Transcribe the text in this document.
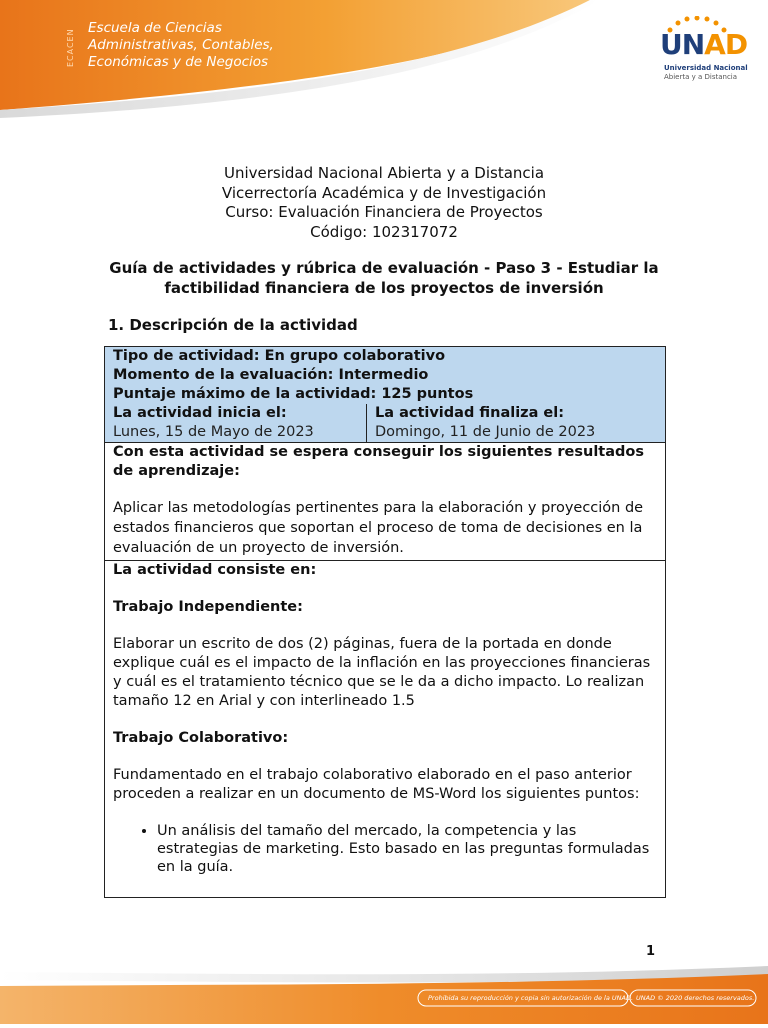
ECACEN
Escuela de Ciencias
Administrativas, Contables,
Económicas y de Negocios
UNAD
Universidad Nacional
Abierta y a Distancia
Universidad Nacional Abierta y a Distancia
Vicerrectoría Académica y de Investigación
Curso: Evaluación Financiera de Proyectos
Código: 102317072
Guía de actividades y rúbrica de evaluación - Paso 3 - Estudiar la factibilidad financiera de los proyectos de inversión
1. Descripción de la actividad
Tipo de actividad: En grupo colaborativo
Momento de la evaluación: Intermedio
Puntaje máximo de la actividad: 125 puntos
La actividad inicia el:
Lunes, 15 de Mayo de 2023
La actividad finaliza el:
Domingo, 11 de Junio de 2023
Con esta actividad se espera conseguir los siguientes resultados de aprendizaje:
Aplicar las metodologías pertinentes para la elaboración y proyección de estados financieros que soportan el proceso de toma de decisiones en la evaluación de un proyecto de inversión.
La actividad consiste en:
Trabajo Independiente:
Elaborar un escrito de dos (2) páginas, fuera de la portada en donde explique cuál es el impacto de la inflación en las proyecciones financieras y cuál es el tratamiento técnico que se le da a dicho impacto. Lo realizan tamaño 12 en Arial y con interlineado 1.5
Trabajo Colaborativo:
Fundamentado en el trabajo colaborativo elaborado en el paso anterior proceden a realizar en un documento de MS-Word los siguientes puntos:
• Un análisis del tamaño del mercado, la competencia y las estrategias de marketing. Esto basado en las preguntas formuladas en la guía.
1
Prohibida su reproducción y copia sin autorización de la UNAD. UNAD © 2020 derechos reservados.
